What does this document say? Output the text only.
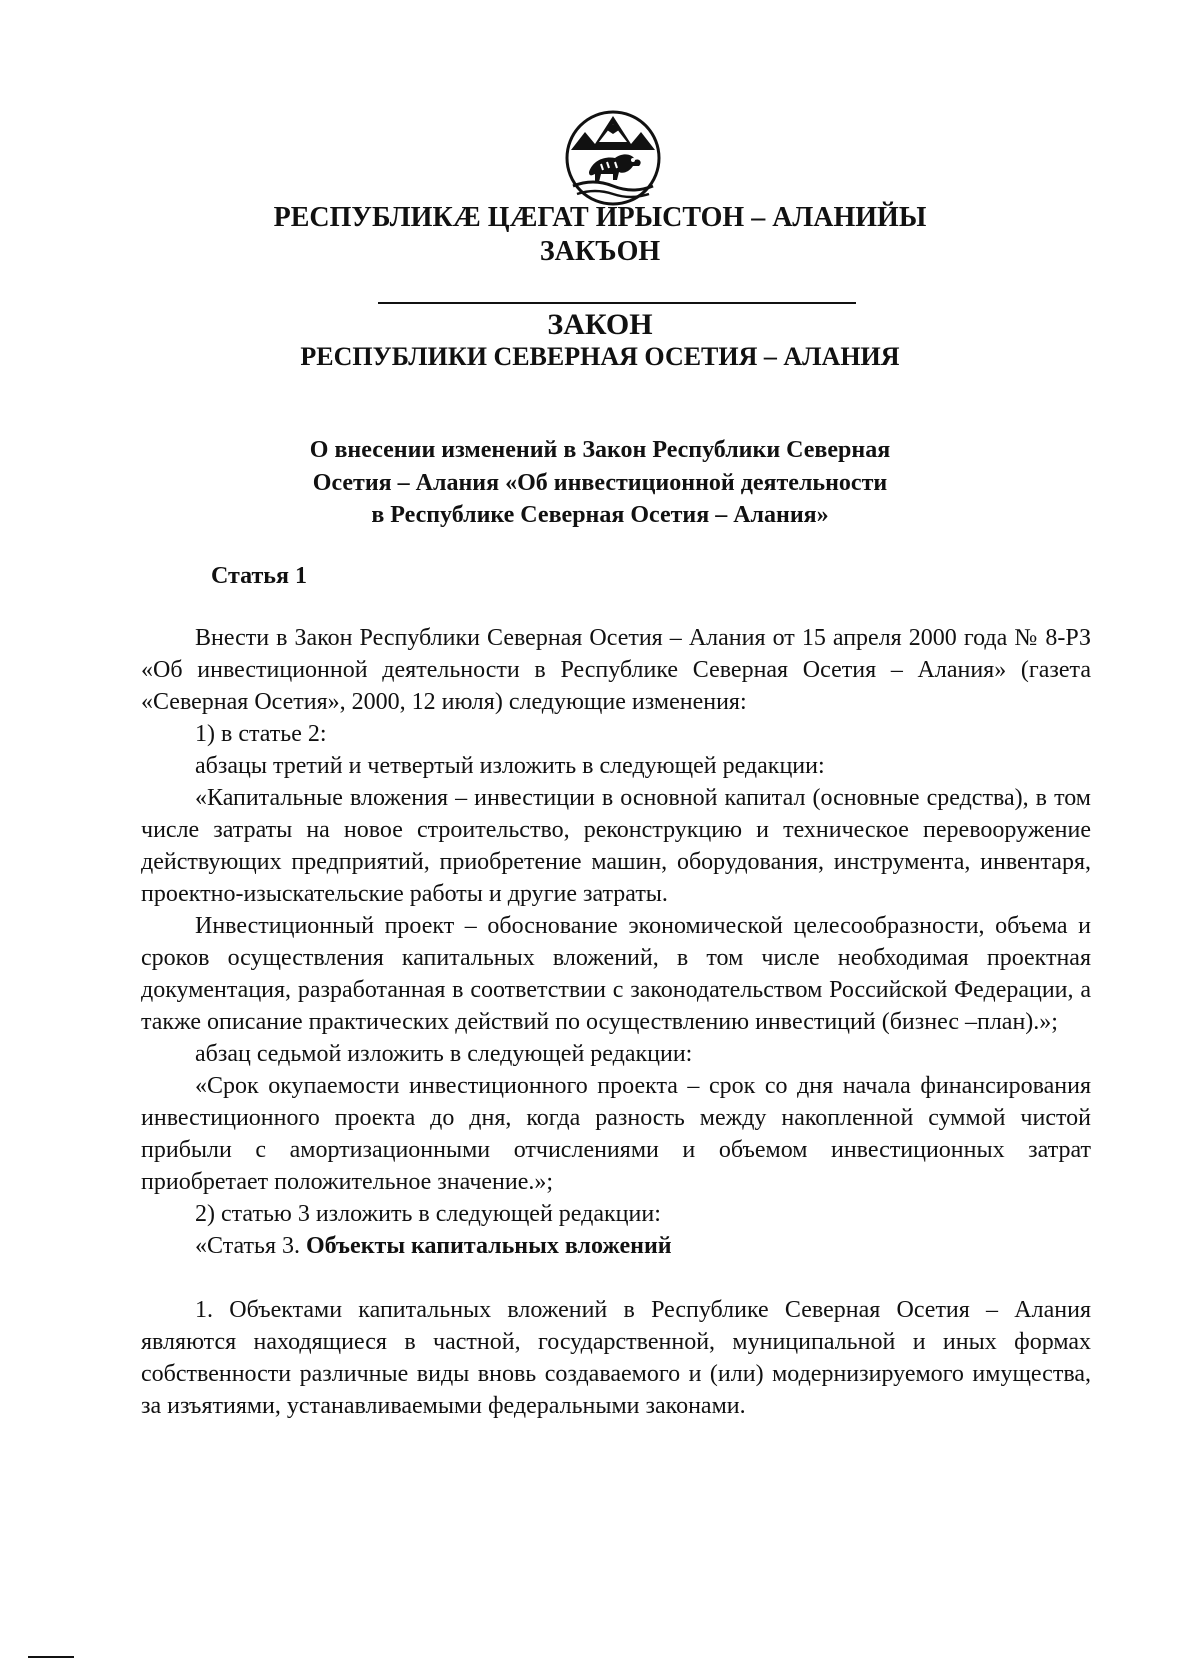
РЕСПУБЛИКÆ ЦÆГАТ ИРЫСТОН – АЛАНИЙЫ

ЗАКЪОН

ЗАКОН

РЕСПУБЛИКИ СЕВЕРНАЯ ОСЕТИЯ – АЛАНИЯ

О внесении изменений в Закон Республики Северная

Осетия – Алания «Об инвестиционной деятельности

в Республике Северная Осетия – Алания»

Статья 1

Внести в Закон Республики Северная Осетия – Алания от 15 апреля 2000 года № 8-РЗ «Об инвестиционной деятельности в Республике Северная Осетия – Алания» (газета «Северная Осетия», 2000, 12 июля) следующие изменения:

1) в статье 2:

абзацы третий и четвертый изложить в следующей редакции:

«Капитальные вложения – инвестиции в основной капитал (основные средства), в том числе затраты на новое строительство, реконструкцию и техническое перевооружение действующих предприятий, приобретение машин, оборудования, инструмента, инвентаря, проектно-изыскательские работы и другие затраты.

Инвестиционный проект – обоснование экономической целесообразности, объема и сроков осуществления капитальных вложений, в том числе необходимая проектная документация, разработанная в соответствии с законодательством Российской Федерации, а также описание практических действий по осуществлению инвестиций (бизнес –план).»;

абзац седьмой изложить в следующей редакции:

«Срок окупаемости инвестиционного проекта – срок со дня начала финансирования инвестиционного проекта до дня, когда разность между накопленной суммой чистой прибыли с амортизационными отчислениями и объемом инвестиционных затрат приобретает положительное значение.»;

2) статью 3 изложить в следующей редакции:

«Статья 3. Объекты капитальных вложений

1. Объектами капитальных вложений в Республике Северная Осетия – Алания являются находящиеся в частной, государственной, муниципальной и иных формах собственности различные виды вновь создаваемого и (или) модернизируемого имущества, за изъятиями, устанавливаемыми федеральными законами.
